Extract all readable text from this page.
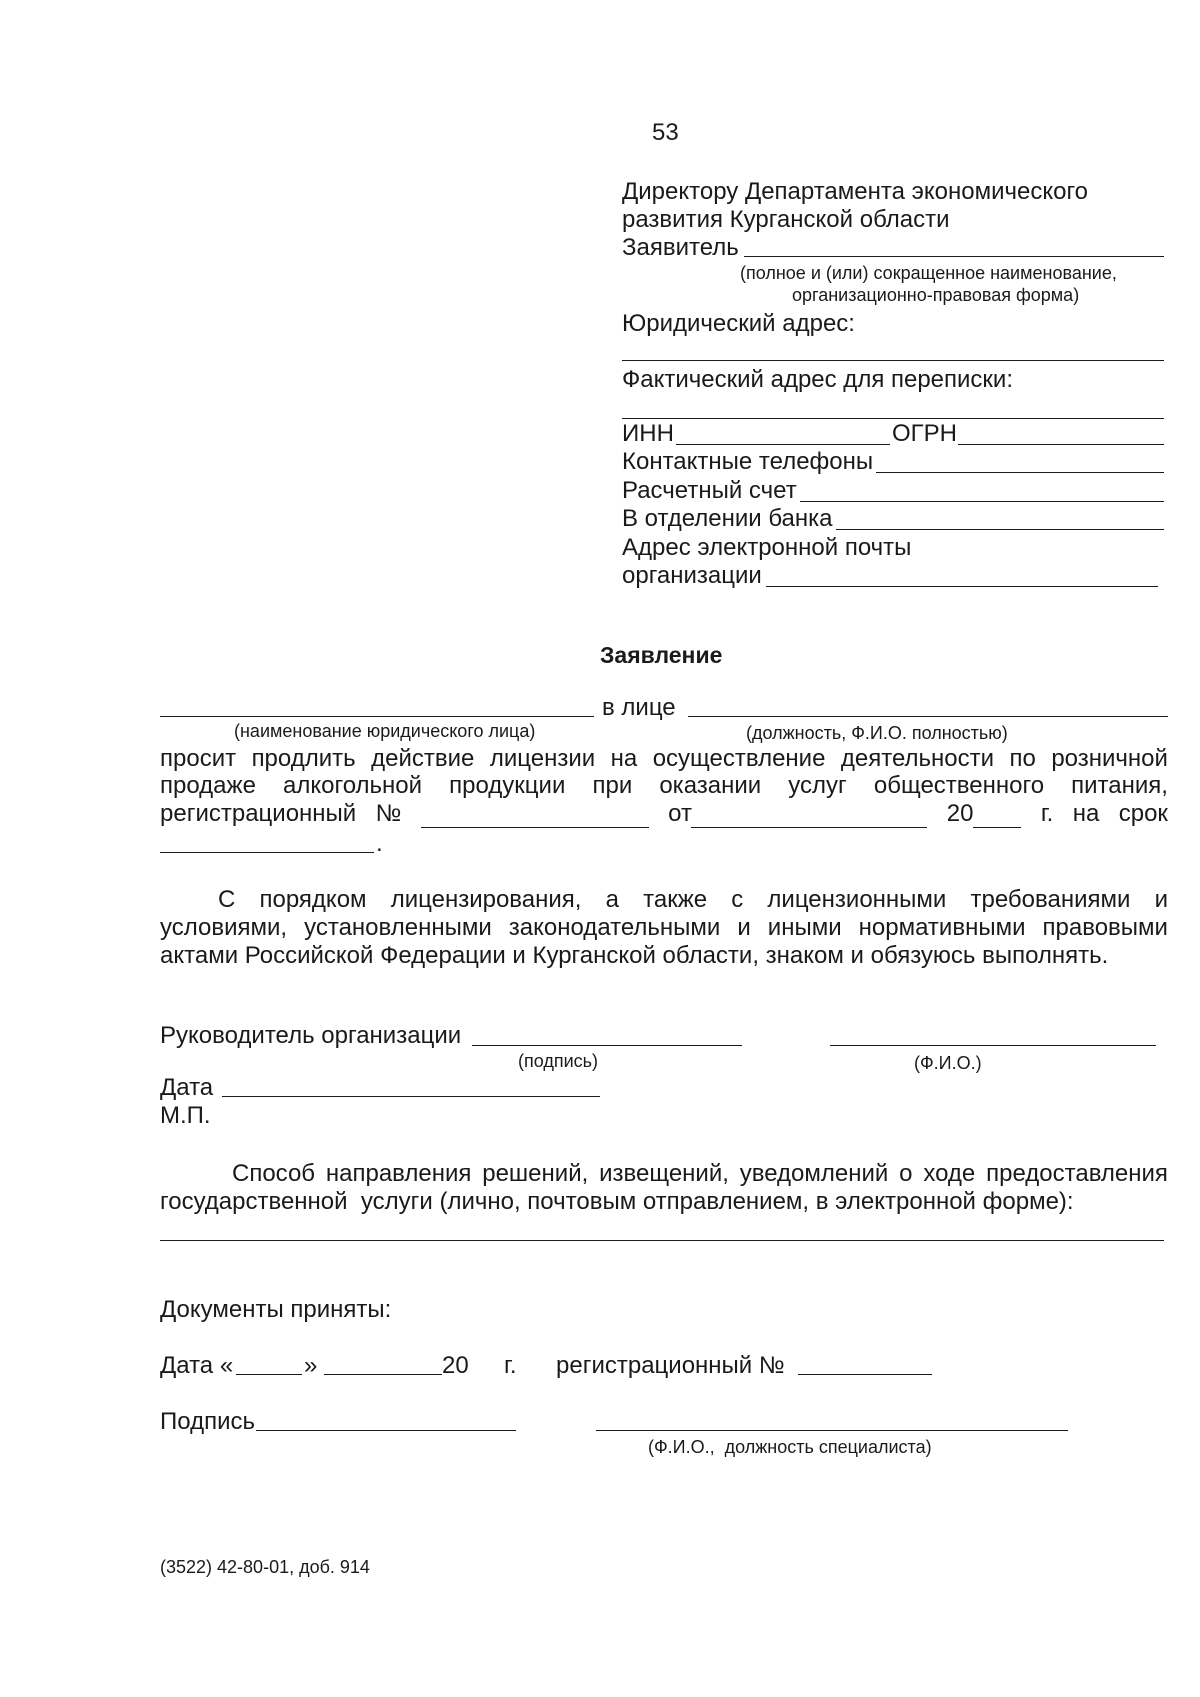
53
Директору Департамента экономического
развития Курганской области
Заявитель
(полное и (или) сокращенное наименование,
организационно-правовая форма)
Юридический адрес:
Фактический адрес для переписки:
ИНН	ОГРН
Контактные телефоны
Расчетный счет
В отделении банка
Адрес электронной почты
организации
Заявление
в лице
(наименование юридического лица)	(должность, Ф.И.О. полностью)
просит продлить действие лицензии на осуществление деятельности по розничной
продаже алкогольной продукции при оказании услуг общественного питания,
регистрационный №	от	20	г. на срок
.
С порядком лицензирования, а также с лицензионными требованиями и
условиями, установленными законодательными и иными нормативными правовыми
актами Российской Федерации и Курганской области, знаком и обязуюсь выполнять.
Руководитель организации
(подпись)	(Ф.И.О.)
Дата
М.П.
Способ направления решений, извещений, уведомлений о ходе предоставления
государственной  услуги (лично, почтовым отправлением, в электронной форме):
Документы приняты:
Дата «	»	20 г. регистрационный №
Подпись
(Ф.И.О.,  должность специалиста)
(3522) 42-80-01, доб. 914
